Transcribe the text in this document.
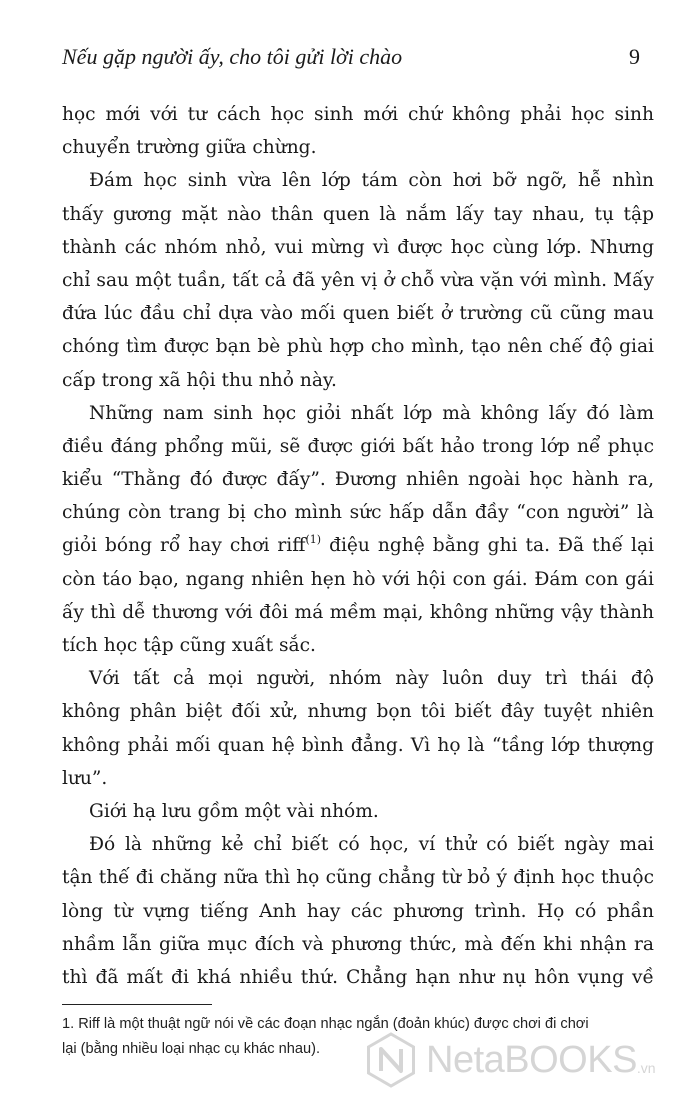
Nếu gặp người ấy, cho tôi gửi lời chào	9
học mới với tư cách học sinh mới chứ không phải học sinh
chuyển trường giữa chừng.
Đám học sinh vừa lên lớp tám còn hơi bỡ ngỡ, hễ nhìn
thấy gương mặt nào thân quen là nắm lấy tay nhau, tụ tập
thành các nhóm nhỏ, vui mừng vì được học cùng lớp. Nhưng
chỉ sau một tuần, tất cả đã yên vị ở chỗ vừa vặn với mình. Mấy
đứa lúc đầu chỉ dựa vào mối quen biết ở trường cũ cũng mau
chóng tìm được bạn bè phù hợp cho mình, tạo nên chế độ giai
cấp trong xã hội thu nhỏ này.
Những nam sinh học giỏi nhất lớp mà không lấy đó làm
điều đáng phổng mũi, sẽ được giới bất hảo trong lớp nể phục
kiểu “Thằng đó được đấy”. Đương nhiên ngoài học hành ra,
chúng còn trang bị cho mình sức hấp dẫn đầy “con người” là
giỏi bóng rổ hay chơi riff$^{(1)}$ điệu nghệ bằng ghi ta. Đã thế lại
còn táo bạo, ngang nhiên hẹn hò với hội con gái. Đám con gái
ấy thì dễ thương với đôi má mềm mại, không những vậy thành
tích học tập cũng xuất sắc.
Với tất cả mọi người, nhóm này luôn duy trì thái độ
không phân biệt đối xử, nhưng bọn tôi biết đây tuyệt nhiên
không phải mối quan hệ bình đẳng. Vì họ là “tầng lớp thượng
lưu”.
Giới hạ lưu gồm một vài nhóm.
Đó là những kẻ chỉ biết có học, ví thử có biết ngày mai
tận thế đi chăng nữa thì họ cũng chẳng từ bỏ ý định học thuộc
lòng từ vựng tiếng Anh hay các phương trình. Họ có phần
nhầm lẫn giữa mục đích và phương thức, mà đến khi nhận ra
thì đã mất đi khá nhiều thứ. Chẳng hạn như nụ hôn vụng về
1. Riff là một thuật ngữ nói về các đoạn nhạc ngắn (đoản khúc) được chơi đi chơi
lại (bằng nhiều loại nhạc cụ khác nhau).	NetaBOOKS .vn
